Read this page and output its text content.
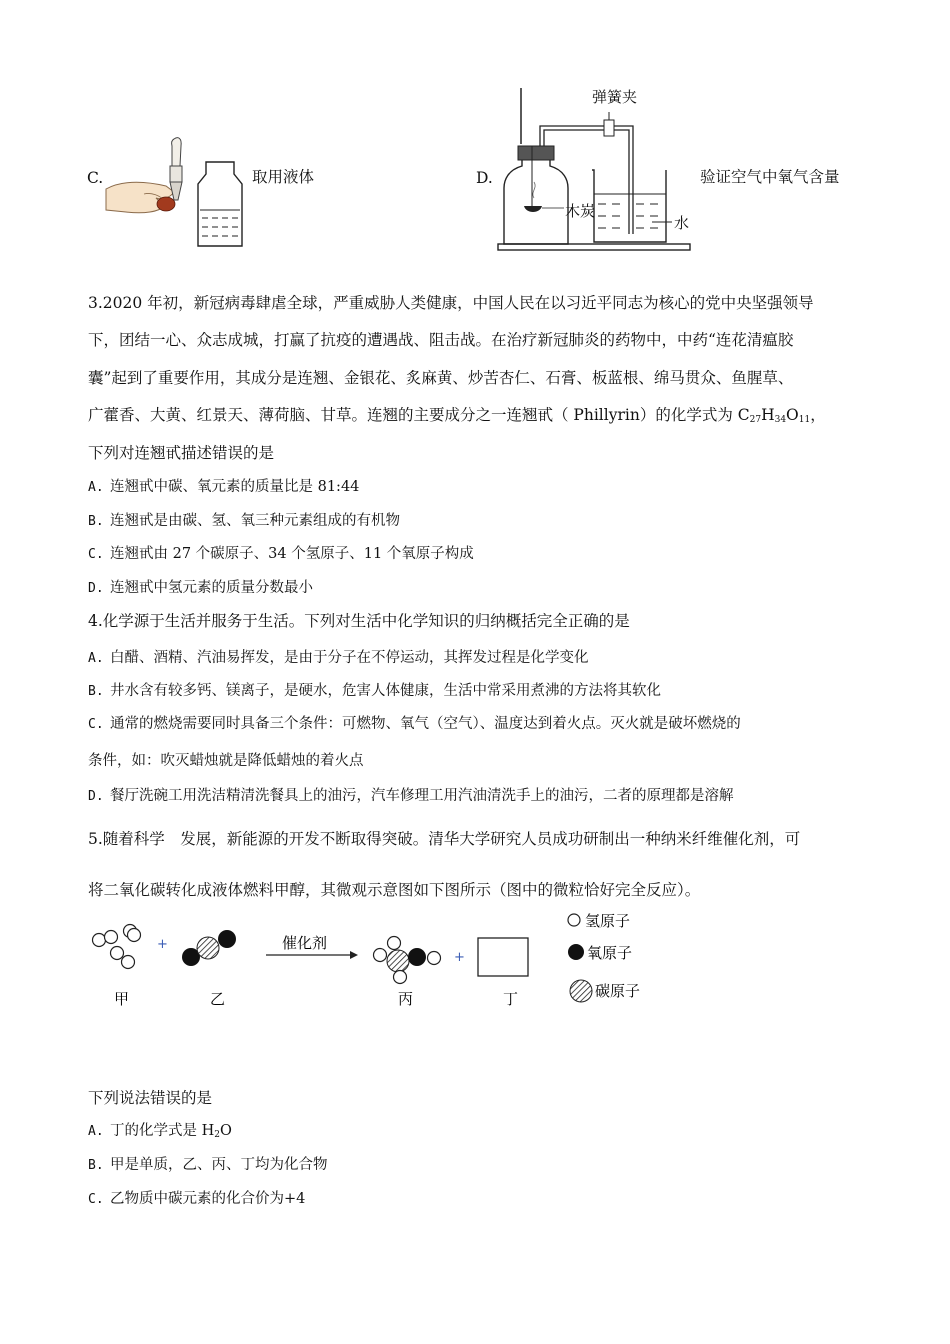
C.	取用液体	D.
弹簧夹
木炭
水
验证空气中氧气含量
3.2020 年初，新冠病毒肆虐全球，严重威胁人类健康，中国人民在以习近平同志为核心的党中央坚强领导
下，团结一心、众志成城，打赢了抗疫的遭遇战、阻击战。在治疗新冠肺炎的药物中，中药“连花清瘟胶
囊”起到了重要作用，其成分是连翘、金银花、炙麻黄、炒苦杏仁、石膏、板蓝根、绵马贯众、鱼腥草、
广藿香、大黄、红景天、薄荷脑、甘草。连翘的主要成分之一连翘甙（ Phillyrin）的化学式为 $C_{27}H_{34}O_{11}$，
下列对连翘甙描述错误的是
A. 连翘甙中碳、氧元素的质量比是 81:44
B. 连翘甙是由碳、氢、氧三种元素组成的有机物
C. 连翘甙由 27 个碳原子、34 个氢原子、11 个氧原子构成
D. 连翘甙中氢元素的质量分数最小
4.化学源于生活并服务于生活。下列对生活中化学知识的归纳概括完全正确的是
A. 白醋、酒精、汽油易挥发，是由于分子在不停运动，其挥发过程是化学变化
B. 井水含有较多钙、镁离子，是硬水，危害人体健康，生活中常采用煮沸的方法将其软化
C. 通常的燃烧需要同时具备三个条件：可燃物、氧气（空气）、温度达到着火点。灭火就是破坏燃烧的
条件，如：吹灭蜡烛就是降低蜡烛的着火点
D. 餐厅洗碗工用洗洁精清洗餐具上的油污，汽车修理工用汽油清洗手上的油污，二者的原理都是溶解
5.随着科学　发展，新能源的开发不断取得突破。清华大学研究人员成功研制出一种纳米纤维催化剂，可
将二氧化碳转化成液体燃料甲醇，其微观示意图如下图所示（图中的微粒恰好完全反应）。
+	催化剂
+
甲	乙	丙	丁
氢原子
氧原子
碳原子
下列说法错误的是
A. 丁的化学式是 $H_2O$
B. 甲是单质，乙、丙、丁均为化合物
C. 乙物质中碳元素的化合价为+4
